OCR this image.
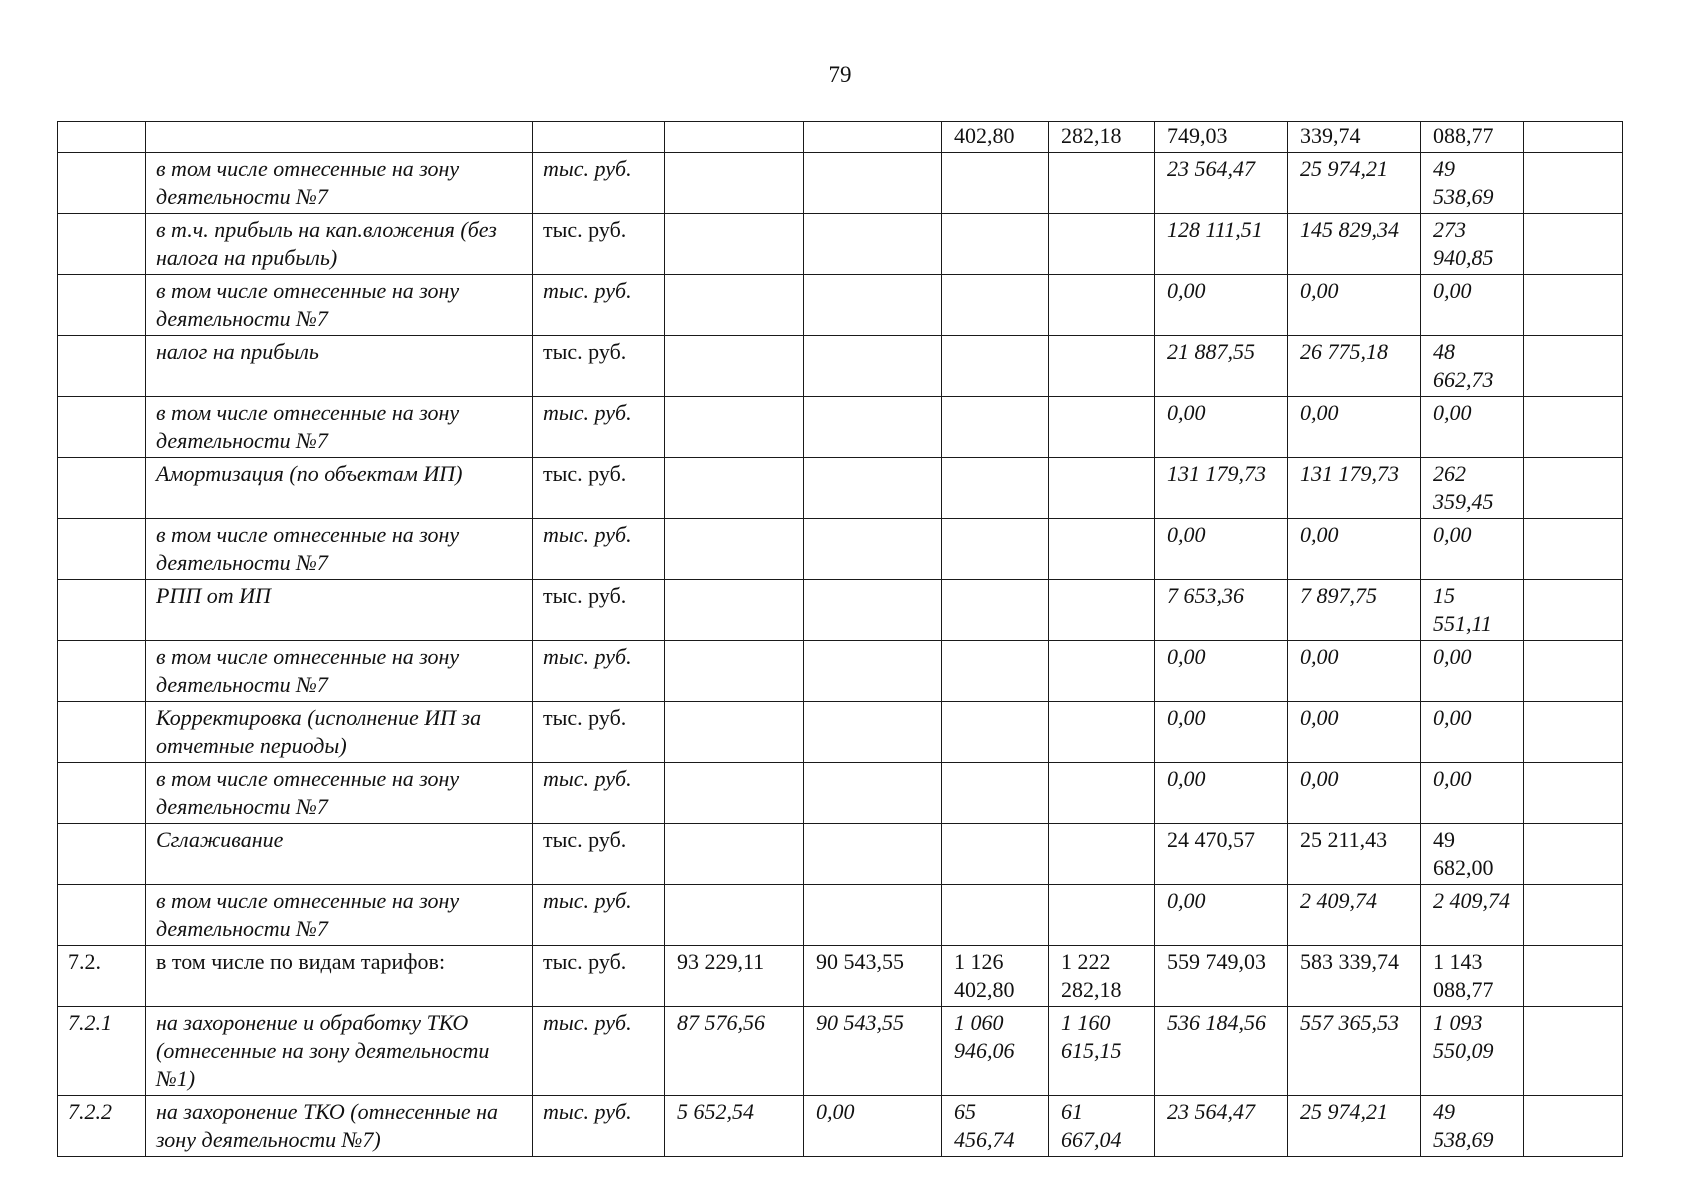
79
					402,80	282,18	749,03	339,74	088,77	
	в том числе отнесенные на зону деятельности №7	тыс. руб.					23 564,47	25 974,21	49 538,69	
	в т.ч. прибыль на кап.вложения (без налога на прибыль)	тыс. руб.					128 111,51	145 829,34	273 940,85	
	в том числе отнесенные на зону деятельности №7	тыс. руб.					0,00	0,00	0,00	
	налог на прибыль	тыс. руб.					21 887,55	26 775,18	48 662,73	
	в том числе отнесенные на зону деятельности №7	тыс. руб.					0,00	0,00	0,00	
	Амортизация (по объектам ИП)	тыс. руб.					131 179,73	131 179,73	262 359,45	
	в том числе отнесенные на зону деятельности №7	тыс. руб.					0,00	0,00	0,00	
	РПП от ИП	тыс. руб.					7 653,36	7 897,75	15 551,11	
	в том числе отнесенные на зону деятельности №7	тыс. руб.					0,00	0,00	0,00	
	Корректировка (исполнение ИП за отчетные периоды)	тыс. руб.					0,00	0,00	0,00	
	в том числе отнесенные на зону деятельности №7	тыс. руб.					0,00	0,00	0,00	
	Сглаживание	тыс. руб.					24 470,57	25 211,43	49 682,00	
	в том числе отнесенные на зону деятельности №7	тыс. руб.					0,00	2 409,74	2 409,74	
7.2.	в том числе по видам тарифов:	тыс. руб.	93 229,11	90 543,55	1 126 402,80	1 222 282,18	559 749,03	583 339,74	1 143 088,77	
7.2.1	на захоронение и обработку ТКО (отнесенные на зону деятельности №1)	тыс. руб.	87 576,56	90 543,55	1 060 946,06	1 160 615,15	536 184,56	557 365,53	1 093 550,09	
7.2.2	на захоронение ТКО (отнесенные на зону деятельности №7)	тыс. руб.	5 652,54	0,00	65 456,74	61 667,04	23 564,47	25 974,21	49 538,69	
